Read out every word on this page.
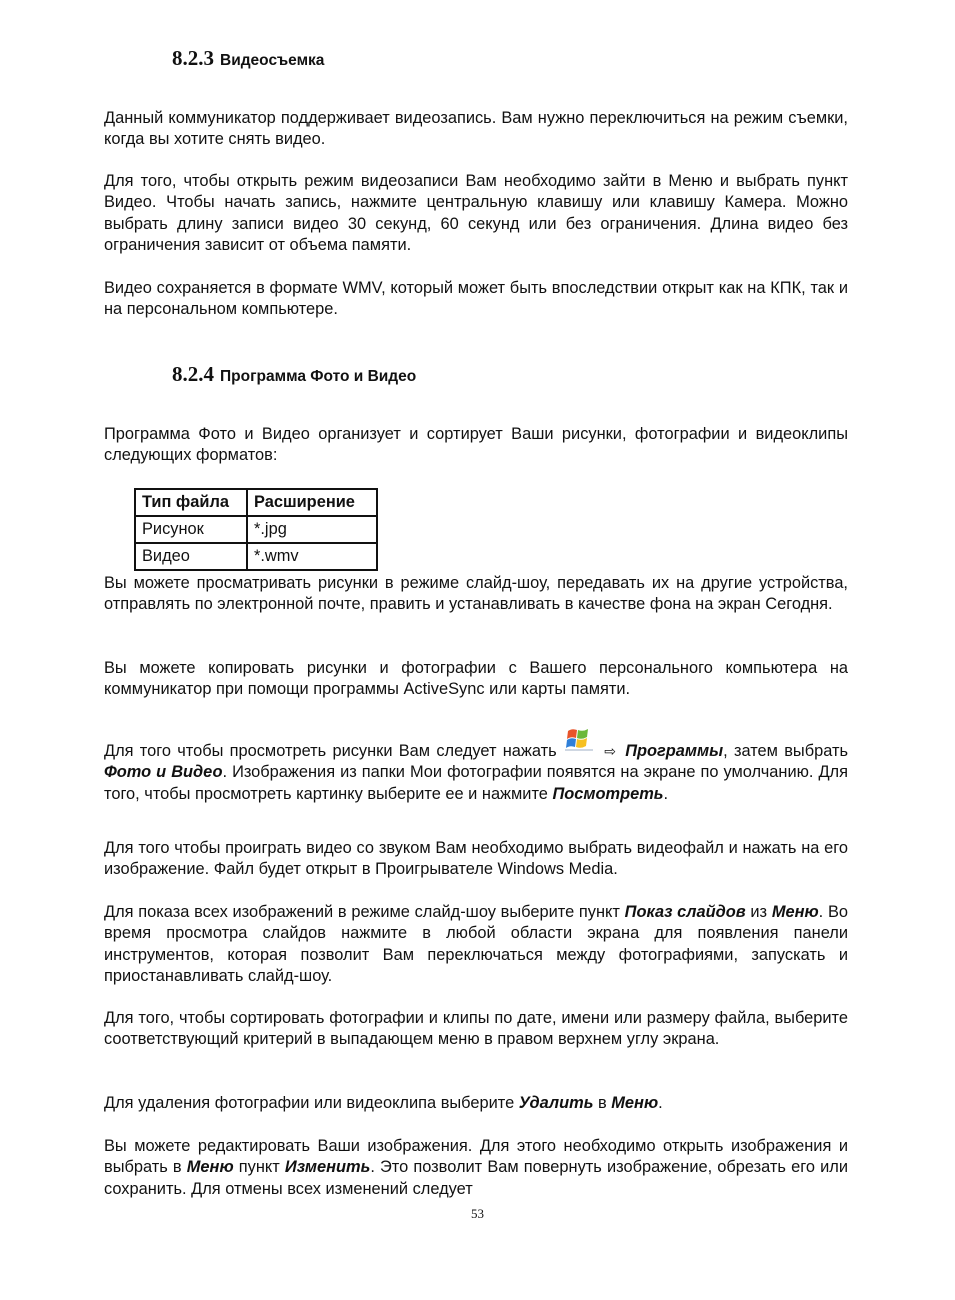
8.2.3 Видеосъемка

Данный коммуникатор поддерживает видеозапись. Вам нужно переключиться на режим съемки, когда вы хотите снять видео.

Для того, чтобы открыть режим видеозаписи Вам необходимо зайти в Меню и выбрать пункт Видео. Чтобы начать запись, нажмите центральную клавишу или клавишу Камера. Можно выбрать длину записи видео 30 секунд, 60 секунд или без ограничения. Длина видео без ограничения зависит от объема памяти.

Видео сохраняется в формате WMV, который может быть впоследствии открыт как на КПК, так и на персональном компьютере.

8.2.4 Программа Фото и Видео

Программа Фото и Видео организует и сортирует Ваши рисунки, фотографии и видеоклипы следующих форматов:

Тип файла	Расширение
Рисунок	*.jpg
Видео	*.wmv

Вы можете просматривать рисунки в режиме слайд-шоу, передавать их на другие устройства, отправлять по электронной почте, править и устанавливать в качестве фона на экран Сегодня.

Вы можете копировать рисунки и фотографии с Вашего персонального компьютера на коммуникатор при помощи программы ActiveSync или карты памяти.

Для того чтобы просмотреть рисунки Вам следует нажать	⇨ Программы, затем выбрать Фото и Видео. Изображения из папки Мои фотографии появятся на экране по умолчанию. Для того, чтобы просмотреть картинку выберите ее и нажмите Посмотреть.

Для того чтобы проиграть видео со звуком Вам необходимо выбрать видеофайл и нажать на его изображение. Файл будет открыт в Проигрывателе Windows Media.

Для показа всех изображений в режиме слайд-шоу выберите пункт Показ слайдов из Меню. Во время просмотра слайдов нажмите в любой области экрана для появления панели инструментов, которая позволит Вам переключаться между фотографиями, запускать и приостанавливать слайд-шоу.

Для того, чтобы сортировать фотографии и клипы по дате, имени или размеру файла, выберите соответствующий критерий в выпадающем меню в правом верхнем углу экрана.

Для удаления фотографии или видеоклипа выберите Удалить в Меню.

Вы можете редактировать Ваши изображения. Для этого необходимо открыть изображения и выбрать в Меню пункт Изменить. Это позволит Вам повернуть изображение, обрезать его или сохранить. Для отмены всех изменений следует

53
